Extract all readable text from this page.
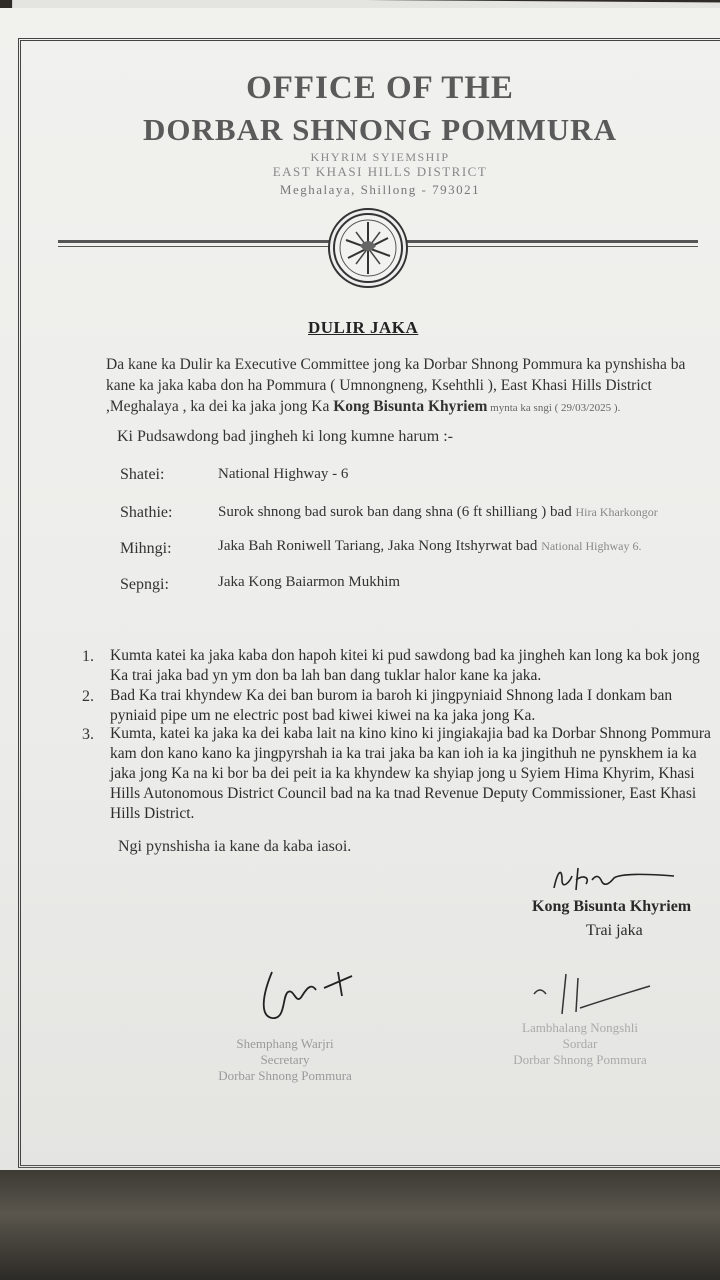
OFFICE OF THE
DORBAR SHNONG POMMURA
KHYRIM SYIEMSHIP
EAST KHASI HILLS DISTRICT
Meghalaya, Shillong - 793021
DULIR JAKA
Da kane ka Dulir ka Executive Committee jong ka Dorbar Shnong Pommura ka pynshisha ba kane ka jaka kaba don ha Pommura ( Umnongneng, Ksehthli ), East Khasi Hills District ,Meghalaya , ka dei ka jaka jong Ka Kong Bisunta Khyriem mynta ka sngi ( 29/03/2025 ).
Ki Pudsawdong bad jingheh ki long kumne harum :-
Shatei:	National Highway - 6
Shathie:	Surok shnong bad surok ban dang shna (6 ft shilliang ) bad Hira Kharkongor
Mihngi:	Jaka Bah Roniwell Tariang, Jaka Nong Itshyrwat bad National Highway 6.
Sepngi:	Jaka Kong Baiarmon Mukhim
1. Kumta katei ka jaka kaba don hapoh kitei ki pud sawdong bad ka jingheh kan long ka bok jong Ka trai jaka bad yn ym don ba lah ban dang tuklar halor kane ka jaka.
2. Bad Ka trai khyndew Ka dei ban burom ia baroh ki jingpyniaid Shnong lada I donkam ban pyniaid pipe um ne electric post bad kiwei kiwei na ka jaka jong Ka.
3. Kumta, katei ka jaka ka dei kaba lait na kino kino ki jingiakajia bad ka Dorbar Shnong Pommura kam don kano kano ka jingpyrshah ia ka trai jaka ba kan ioh ia ka jingithuh ne pynskhem ia ka jaka jong Ka na ki bor ba dei peit ia ka khyndew ka shyiap jong u Syiem Hima Khyrim, Khasi Hills Autonomous District Council bad na ka tnad Revenue Deputy Commissioner, East Khasi Hills District.
Ngi pynshisha ia kane da kaba iasoi.
Kong Bisunta Khyriem
Trai jaka
Shemphang Warjri
Secretary
Dorbar Shnong Pommura
Lambhalang Nongshli
Sordar
Dorbar Shnong Pommura
